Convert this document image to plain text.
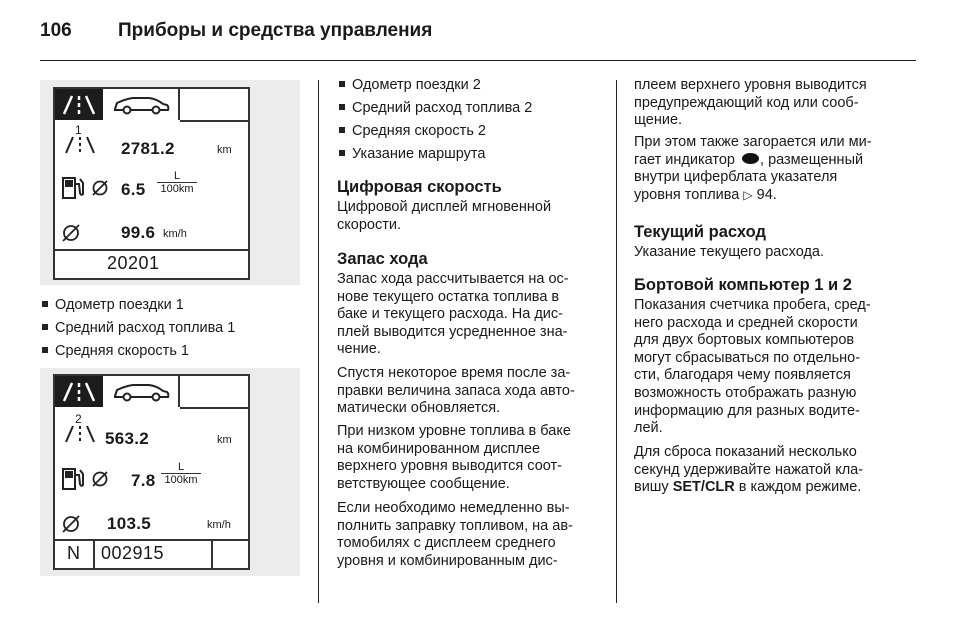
106 Приборы и средства управления
1
2781.2	km
$6.5 \frac{L}{100km}$
99.6 km/h
20201
Одометр поездки 1
Средний расход топлива 1
Средняя скорость 1
2
563.2	km
$7.8 \frac{L}{100km}$
103.5	km/h
N 002915
Одометр поездки 2
Средний расход топлива 2
Средняя скорость 2
Указание маршрута
Цифровая скорость
Цифровой дисплей мгновенной
скорости.
Запас хода
Запас хода рассчитывается на ос-
нове текущего остатка топлива в
баке и текущего расхода. На дис-
плей выводится усредненное зна-
чение.
Спустя некоторое время после за-
правки величина запаса хода авто-
матически обновляется.
При низком уровне топлива в баке
на комбинированном дисплее
верхнего уровня выводится соот-
ветствующее сообщение.
Если необходимо немедленно вы-
полнить заправку топливом, на ав-
томобилях с дисплеем среднего
уровня и комбинированным дис-
плеем верхнего уровня выводится
предупреждающий код или сооб-
щение.
При этом также загорается или ми-
гает индикатор , размещенный
внутри циферблата указателя
уровня топлива ▷ 94.
Текущий расход
Указание текущего расхода.
Бортовой компьютер 1 и 2
Показания счетчика пробега, сред-
него расхода и средней скорости
для двух бортовых компьютеров
могут сбрасываться по отдельно-
сти, благодаря чему появляется
возможность отображать разную
информацию для разных водите-
лей.
Для сброса показаний несколько
секунд удерживайте нажатой кла-
вишу SET/CLR в каждом режиме.
